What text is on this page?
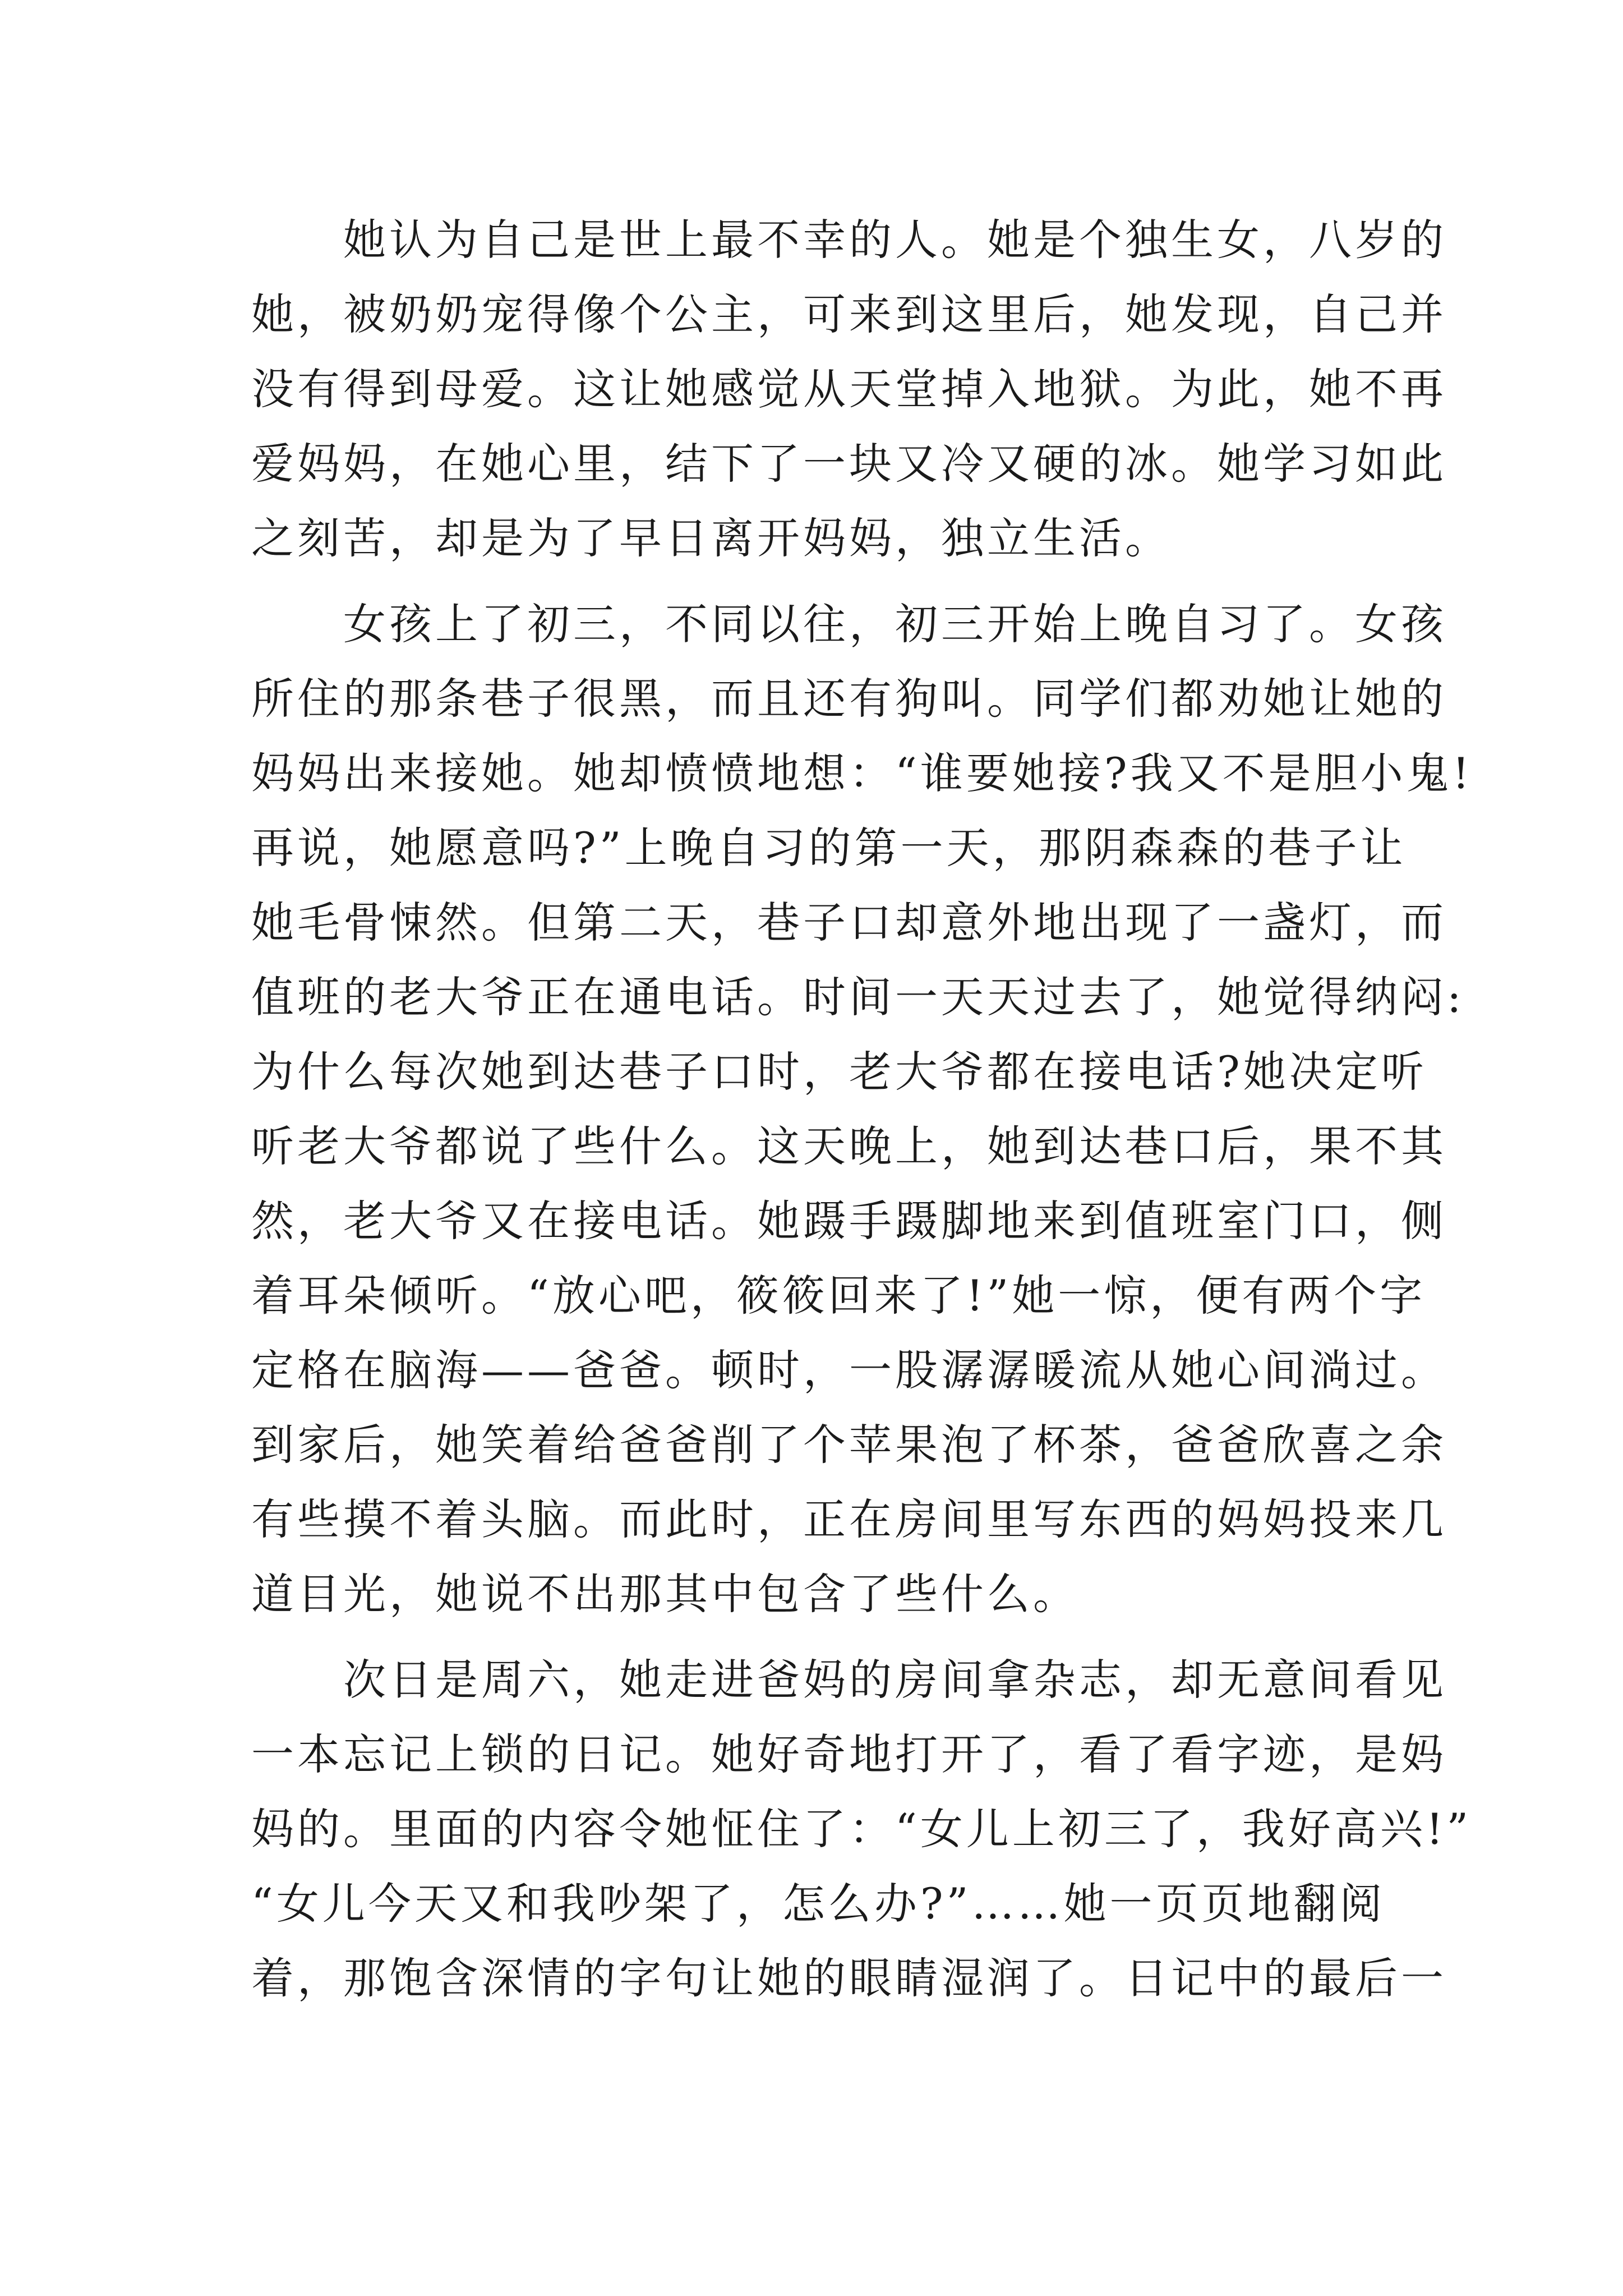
　　她认为自己是世上最不幸的人。她是个独生女，八岁的
她，被奶奶宠得像个公主，可来到这里后，她发现，自己并
没有得到母爱。这让她感觉从天堂掉入地狱。为此，她不再
爱妈妈，在她心里，结下了一块又冷又硬的冰。她学习如此
之刻苦，却是为了早日离开妈妈，独立生活。
　　女孩上了初三，不同以往，初三开始上晚自习了。女孩
所住的那条巷子很黑，而且还有狗叫。同学们都劝她让她的
妈妈出来接她。她却愤愤地想：“谁要她接?我又不是胆小鬼!
再说，她愿意吗?”上晚自习的第一天，那阴森森的巷子让
她毛骨悚然。但第二天，巷子口却意外地出现了一盏灯，而
值班的老大爷正在通电话。时间一天天过去了，她觉得纳闷:
为什么每次她到达巷子口时，老大爷都在接电话?她决定听
听老大爷都说了些什么。这天晚上，她到达巷口后，果不其
然，老大爷又在接电话。她蹑手蹑脚地来到值班室门口，侧
着耳朵倾听。“放心吧，筱筱回来了!”她一惊，便有两个字
定格在脑海——爸爸。顿时，一股潺潺暖流从她心间淌过。
到家后，她笑着给爸爸削了个苹果泡了杯茶，爸爸欣喜之余
有些摸不着头脑。而此时，正在房间里写东西的妈妈投来几
道目光，她说不出那其中包含了些什么。
　　次日是周六，她走进爸妈的房间拿杂志，却无意间看见
一本忘记上锁的日记。她好奇地打开了，看了看字迹，是妈
妈的。里面的内容令她怔住了：“女儿上初三了，我好高兴!”
“女儿今天又和我吵架了，怎么办?”……她一页页地翻阅
着，那饱含深情的字句让她的眼睛湿润了。日记中的最后一
